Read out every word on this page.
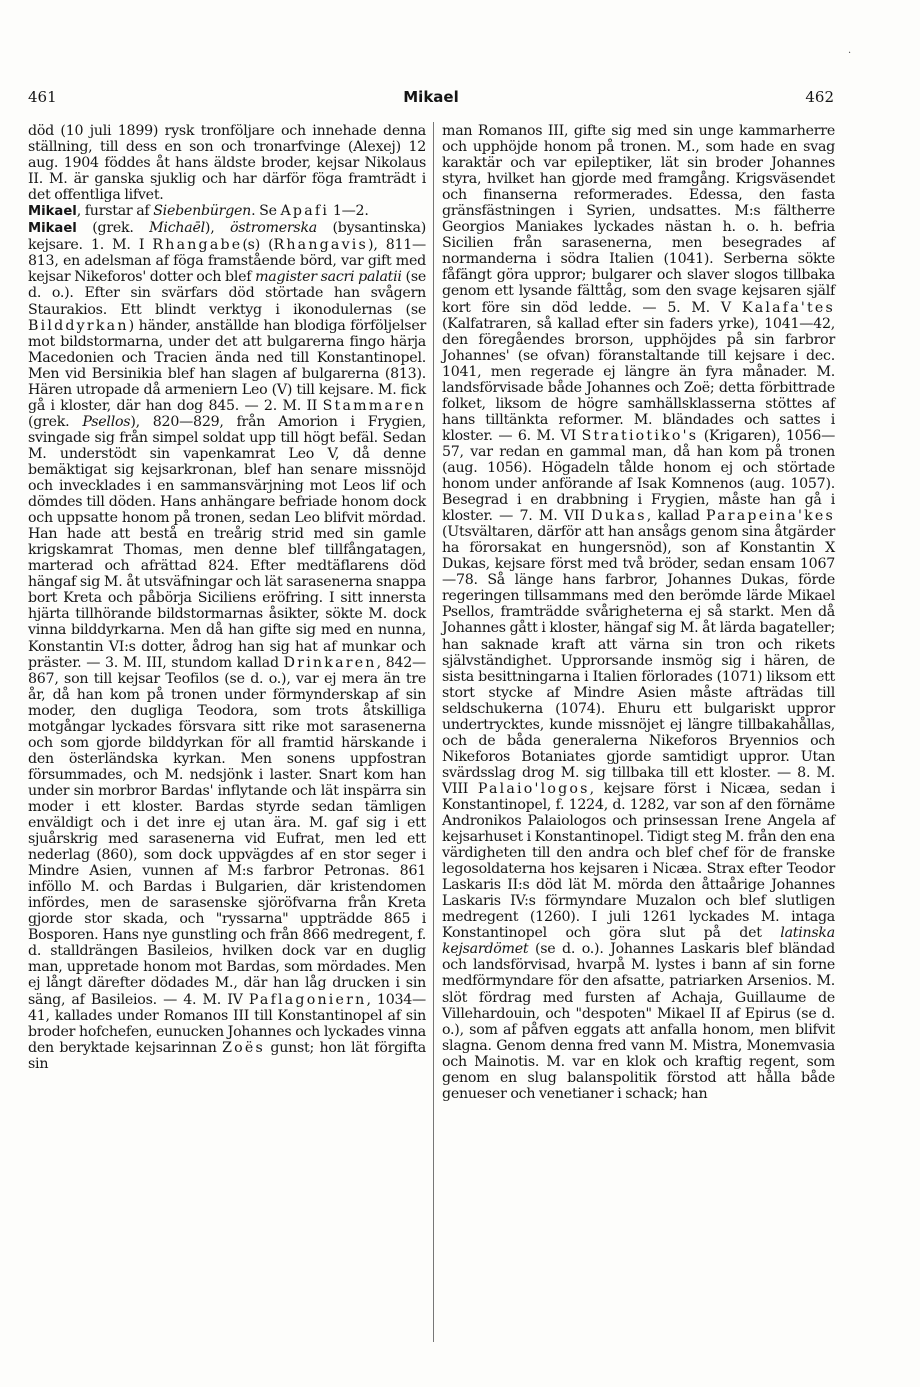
·
461	Mikael	462

död (10 juli 1899) rysk tronföljare och innehade denna ställning, till dess en son och tronarfvinge (Alexej) 12 aug. 1904 föddes åt hans äldste broder, kejsar Nikolaus II. M. är ganska sjuklig och har därför föga framträdt i det offentliga lifvet.

Mikael, furstar af Siebenbürgen. Se Apafi 1—2.

Mikael (grek. Michaēl), östromerska (bysantinska) kejsare. 1. M. I Rhangabe(s) (Rhangavis), 811—813, en adelsman af föga framstående börd, var gift med kejsar Nikeforos' dotter och blef magister sacri palatii (se d. o.). Efter sin svärfars död störtade han svågern Staurakios. Ett blindt verktyg i ikonodulernas (se Bilddyrkan) händer, anställde han blodiga förföljelser mot bildstormarna, under det att bulgarerna fingo härja Macedonien och Tracien ända ned till Konstantinopel. Men vid Bersinikia blef han slagen af bulgarerna (813). Hären utropade då armeniern Leo (V) till kejsare. M. fick gå i kloster, där han dog 845. — 2. M. II Stammaren (grek. Psellos), 820—829, från Amorion i Frygien, svingade sig från simpel soldat upp till högt befäl. Sedan M. understödt sin vapenkamrat Leo V, då denne bemäktigat sig kejsarkronan, blef han senare missnöjd och invecklades i en sammansvärjning mot Leos lif och dömdes till döden. Hans anhängare befriade honom dock och uppsatte honom på tronen, sedan Leo blifvit mördad. Han hade att bestå en treårig strid med sin gamle krigskamrat Thomas, men denne blef tillfångatagen, marterad och afrättad 824. Efter medtäflarens död hängaf sig M. åt utsväfningar och lät sarasenerna snappa bort Kreta och påbörja Siciliens eröfring. I sitt innersta hjärta tillhörande bildstormarnas åsikter, sökte M. dock vinna bilddyrkarna. Men då han gifte sig med en nunna, Konstantin VI:s dotter, ådrog han sig hat af munkar och präster. — 3. M. III, stundom kallad Drinkaren, 842—867, son till kejsar Teofilos (se d. o.), var ej mera än tre år, då han kom på tronen under förmynderskap af sin moder, den dugliga Teodora, som trots åtskilliga motgångar lyckades försvara sitt rike mot sarasenerna och som gjorde bilddyrkan för all framtid härskande i den österländska kyrkan. Men sonens uppfostran försummades, och M. nedsjönk i laster. Snart kom han under sin morbror Bardas' inflytande och lät inspärra sin moder i ett kloster. Bardas styrde sedan tämligen enväldigt och i det inre ej utan ära. M. gaf sig i ett sjuårskrig med sarasenerna vid Eufrat, men led ett nederlag (860), som dock uppvägdes af en stor seger i Mindre Asien, vunnen af M:s farbror Petronas. 861 inföllo M. och Bardas i Bulgarien, där kristendomen infördes, men de sarasenske sjöröfvarna från Kreta gjorde stor skada, och "ryssarna" uppträdde 865 i Bosporen. Hans nye gunstling och från 866 medregent, f. d. stalldrängen Basileios, hvilken dock var en duglig man, uppretade honom mot Bardas, som mördades. Men ej långt därefter dödades M., där han låg drucken i sin säng, af Basileios. — 4. M. IV Paflagoniern, 1034—41, kallades under Romanos III till Konstantinopel af sin broder hofchefen, eunucken Johannes och lyckades vinna den beryktade kejsarinnan Zoës gunst; hon lät förgifta sin

man Romanos III, gifte sig med sin unge kammarherre och upphöjde honom på tronen. M., som hade en svag karaktär och var epileptiker, lät sin broder Johannes styra, hvilket han gjorde med framgång. Krigsväsendet och finanserna reformerades. Edessa, den fasta gränsfästningen i Syrien, undsattes. M:s fältherre Georgios Maniakes lyckades nästan h. o. h. befria Sicilien från sarasenerna, men besegrades af normanderna i södra Italien (1041). Serberna sökte fåfängt göra uppror; bulgarer och slaver slogos tillbaka genom ett lysande fälttåg, som den svage kejsaren själf kort före sin död ledde. — 5. M. V Kalafa'tes (Kalfatraren, så kallad efter sin faders yrke), 1041—42, den föregåendes brorson, upphöjdes på sin farbror Johannes' (se ofvan) föranstaltande till kejsare i dec. 1041, men regerade ej längre än fyra månader. M. landsförvisade både Johannes och Zoë; detta förbittrade folket, liksom de högre samhällsklasserna stöttes af hans tilltänkta reformer. M. bländades och sattes i kloster. — 6. M. VI Stratiotiko's (Krigaren), 1056—57, var redan en gammal man, då han kom på tronen (aug. 1056). Högadeln tålde honom ej och störtade honom under anförande af Isak Komnenos (aug. 1057). Besegrad i en drabbning i Frygien, måste han gå i kloster. — 7. M. VII Dukas, kallad Parapeina'kes (Utsvältaren, därför att han ansågs genom sina åtgärder ha förorsakat en hungersnöd), son af Konstantin X Dukas, kejsare först med två bröder, sedan ensam 1067—78. Så länge hans farbror, Johannes Dukas, förde regeringen tillsammans med den berömde lärde Mikael Psellos, framträdde svårigheterna ej så starkt. Men då Johannes gått i kloster, hängaf sig M. åt lärda bagateller; han saknade kraft att värna sin tron och rikets självständighet. Upprorsande insmög sig i hären, de sista besittningarna i Italien förlorades (1071) liksom ett stort stycke af Mindre Asien måste afträdas till seldschukerna (1074). Ehuru ett bulgariskt uppror undertrycktes, kunde missnöjet ej längre tillbakahållas, och de båda generalerna Nikeforos Bryennios och Nikeforos Botaniates gjorde samtidigt uppror. Utan svärdsslag drog M. sig tillbaka till ett kloster. — 8. M. VIII Palaio'logos, kejsare först i Nicæa, sedan i Konstantinopel, f. 1224, d. 1282, var son af den förnäme Andronikos Palaiologos och prinsessan Irene Angela af kejsarhuset i Konstantinopel. Tidigt steg M. från den ena värdigheten till den andra och blef chef för de franske legosoldaterna hos kejsaren i Nicæa. Strax efter Teodor Laskaris II:s död lät M. mörda den åttaårige Johannes Laskaris IV:s förmyndare Muzalon och blef slutligen medregent (1260). I juli 1261 lyckades M. intaga Konstantinopel och göra slut på det latinska kejsardömet (se d. o.). Johannes Laskaris blef bländad och landsförvisad, hvarpå M. lystes i bann af sin forne medförmyndare för den afsatte, patriarken Arsenios. M. slöt fördrag med fursten af Achaja, Guillaume de Villehardouin, och "despoten" Mikael II af Epirus (se d. o.), som af påfven eggats att anfalla honom, men blifvit slagna. Genom denna fred vann M. Mistra, Monemvasia och Mainotis. M. var en klok och kraftig regent, som genom en slug balanspolitik förstod att hålla både genueser och venetianer i schack; han
